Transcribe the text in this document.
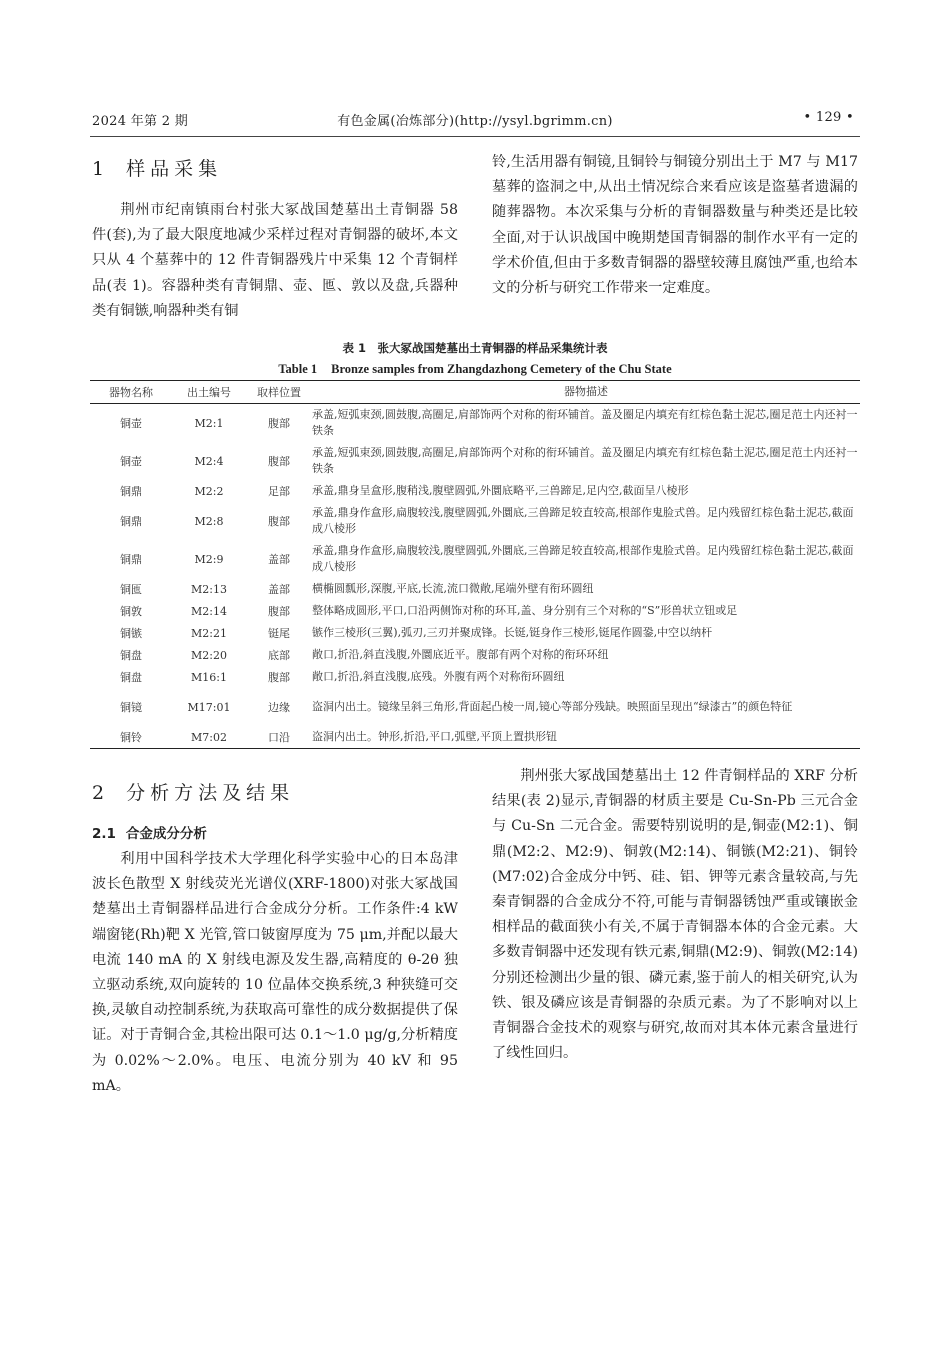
2024 年第 2 期	有色金属(冶炼部分)(http://ysyl.bgrimm.cn)	• 129 •
1 样品采集

荆州市纪南镇雨台村张大冢战国楚墓出土青铜器 58 件(套),为了最大限度地减少采样过程对青铜器的破坏,本文只从 4 个墓葬中的 12 件青铜器残片中采集 12 个青铜样品(表 1)。容器种类有青铜鼎、壶、匜、敦以及盘,兵器种类有铜镞,响器种类有铜

铃,生活用器有铜镜,且铜铃与铜镜分别出土于 M7 与 M17 墓葬的盗洞之中,从出土情况综合来看应该是盗墓者遗漏的随葬器物。本次采集与分析的青铜器数量与种类还是比较全面,对于认识战国中晚期楚国青铜器的制作水平有一定的学术价值,但由于多数青铜器的器壁较薄且腐蚀严重,也给本文的分析与研究工作带来一定难度。

表 1　张大冢战国楚墓出土青铜器的样品采集统计表
Table 1 Bronze samples from Zhangdazhong Cemetery of the Chu State
器物名称	出土编号	取样位置	器物描述
铜壶	M2:1	腹部	承盖,短弧束颈,圆鼓腹,高圈足,肩部饰两个对称的衔环铺首。盖及圈足内填充有红棕色黏土泥芯,圈足范土内还衬一铁条
铜壶	M2:4	腹部	承盖,短弧束颈,圆鼓腹,高圈足,肩部饰两个对称的衔环铺首。盖及圈足内填充有红棕色黏土泥芯,圈足范土内还衬一铁条
铜鼎	M2:2	足部	承盖,鼎身呈盒形,腹稍浅,腹壁圆弧,外圜底略平,三兽蹄足,足内空,截面呈八棱形
铜鼎	M2:8	腹部	承盖,鼎身作盒形,扁腹较浅,腹壁圆弧,外圜底,三兽蹄足较直较高,根部作鬼脸式兽。足内残留红棕色黏土泥芯,截面成八棱形
铜鼎	M2:9	盖部	承盖,鼎身作盒形,扁腹较浅,腹壁圆弧,外圜底,三兽蹄足较直较高,根部作鬼脸式兽。足内残留红棕色黏土泥芯,截面成八棱形
铜匜	M2:13	盖部	横椭圆瓢形,深腹,平底,长流,流口微敞,尾端外壁有衔环圆纽
铜敦	M2:14	腹部	整体略成圆形,平口,口沿两侧饰对称的环耳,盖、身分别有三个对称的“S”形兽状立钮或足
铜镞	M2:21	铤尾	镞作三棱形(三翼),弧刃,三刃并聚成锋。长铤,铤身作三棱形,铤尾作圆銎,中空以纳杆
铜盘	M2:20	底部	敞口,折沿,斜直浅腹,外圜底近平。腹部有两个对称的衔环环纽
铜盘	M16:1	腹部	敞口,折沿,斜直浅腹,底残。外腹有两个对称衔环圆纽
铜镜	M17:01	边缘	盗洞内出土。镜缘呈斜三角形,背面起凸棱一周,镜心等部分残缺。映照面呈现出“绿漆古”的颜色特征
铜铃	M7:02	口沿	盗洞内出土。钟形,折沿,平口,弧壁,平顶上置拱形钮
2 分析方法及结果
2.1 合金成分分析

利用中国科学技术大学理化科学实验中心的日本岛津波长色散型 X 射线荧光光谱仪(XRF-1800)对张大冢战国楚墓出土青铜器样品进行合金成分分析。工作条件:4 kW 端窗铑(Rh)靶 X 光管,管口铍窗厚度为 75 μm,并配以最大电流 140 mA 的 X 射线电源及发生器,高精度的 θ-2θ 独立驱动系统,双向旋转的 10 位晶体交换系统,3 种狭缝可交换,灵敏自动控制系统,为获取高可靠性的成分数据提供了保证。对于青铜合金,其检出限可达 0.1～1.0 μg/g,分析精度为 0.02%～2.0%。电压、电流分别为 40 kV 和 95 mA。

荆州张大冢战国楚墓出土 12 件青铜样品的 XRF 分析结果(表 2)显示,青铜器的材质主要是 Cu-Sn-Pb 三元合金与 Cu-Sn 二元合金。需要特别说明的是,铜壶(M2:1)、铜鼎(M2:2、M2:9)、铜敦(M2:14)、铜镞(M2:21)、铜铃(M7:02)合金成分中钙、硅、铝、钾等元素含量较高,与先秦青铜器的合金成分不符,可能与青铜器锈蚀严重或镶嵌金相样品的截面狭小有关,不属于青铜器本体的合金元素。大多数青铜器中还发现有铁元素,铜鼎(M2:9)、铜敦(M2:14)分别还检测出少量的银、磷元素,鉴于前人的相关研究,认为铁、银及磷应该是青铜器的杂质元素。为了不影响对以上青铜器合金技术的观察与研究,故而对其本体元素含量进行了线性回归。
